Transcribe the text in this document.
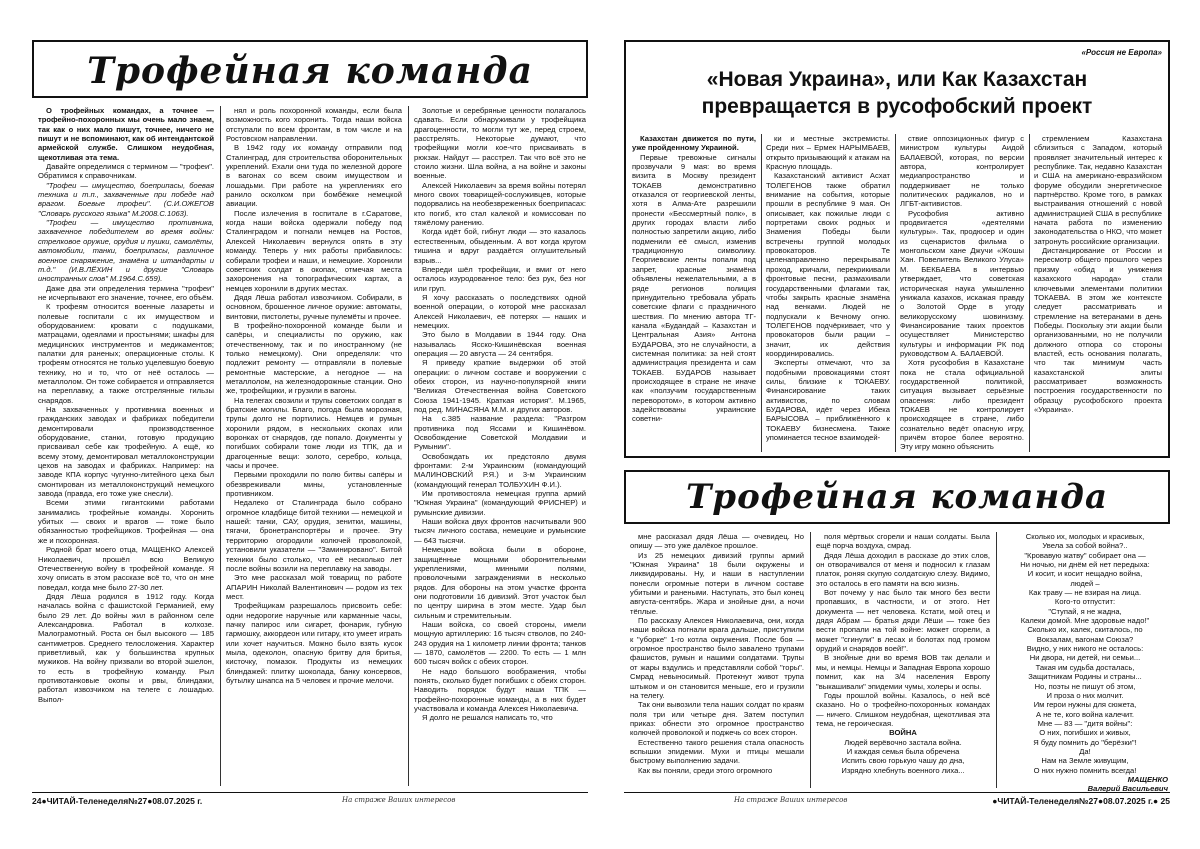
Трофейная команда

О трофейных командах, а точнее — трофейно-похоронных мы очень мало знаем, так как о них мало пишут, точнее, ничего не пишут и не вспоминают, как об интендантской армейской службе. Слишком неудобная, щекотливая эта тема.

Давайте определимся с термином — "трофеи". Обратимся к справочникам.

"Трофеи — имущество, боеприпасы, боевая техника и т.п., захваченные при победе над врагом. Боевые трофеи". (С.И.ОЖЕГОВ "Словарь русского языка" М.2008.С.1063).

"Трофеи — имущество противника, захваченное победителем во время войны: стрелковое оружие, орудия и пушки, самолёты, автомобили, танки, боеприпасы, различное военное снаряжение, знамёна и штандарты и т.д." (И.В.ЛЁХИН и другие "Словарь иностранных слов" М.1964.С.659).

Даже два эти определения термина "трофеи" не исчерпывают его значение, точнее, его объём.

К трофеям относится военные лазареты и полевые госпитали с их имуществом и оборудованием: кровати с подушками, матрацами, одеялами и простынями; шкафы для медицинских инструментов и медикаментов; палатки для раненых; операционные столы. К трофеям относятся не только уцелевшую боевую технику, но и то, что от неё осталось — металлолом. Он тоже собирается и отправляется на переплавку, а также отстрелянные гильзы снарядов.

На захваченных у противника военных и гражданских заводах и фабриках победители демонтировали производственное оборудование, станки, готовую продукцию присваивал себе как трофейную. А ещё, ко всему этому, демонтировал металлоконструкции цехов на заводах и фабриках. Например: на заводе КПА корпус чугунно-литейного цеха был смонтирован из металлоконструкций немецкого завода (правда, его тоже уже снесли).

Всеми этими гигантскими работами занимались трофейные команды. Хоронить убитых — своих и врагов — тоже было обязанностью трофейщиков. Трофейная — она же и похоронная.

Родной брат моего отца, МАЩЕНКО Алексей Николаевич, прошёл всю Великую Отечественную войну в трофейной команде. Я хочу описать в этом рассказе всё то, что он мне поведал, когда мне было 27-30 лет.

Дядя Лёша родился в 1912 году. Когда началась война с фашистской Германией, ему было 29 лет. До войны жил в районном селе Александровка. Работал в колхозе. Малограмотный. Роста он был высокого — 185 сантиметров. Среднего телосложения. Характер приветливый, как у большинства крупных мужиков. На войну призвали во второй эшелон, то есть в трофейную команду. Рыл противотанковые окопы и рвы, блиндажи, работал извозчиком на телеге с лошадью. Выпол-

нял и роль похоронной команды, если была возможность кого хоронить. Тогда наши войска отступали по всем фронтам, в том числе и на Ростовском направлении.

В 1942 году их команду отправили под Сталинград, для строительства оборонительных укреплений. Ехали они туда по железной дороге в вагонах со всем своим имуществом и лошадьми. При работе на укреплениях его ранило осколком при бомбёжке немецкой авиации.

После излечения в госпитале в г.Саратове, когда наши войска одержали победу под Сталинградом и погнали немцев на Ростов, Алексей Николаевич вернулся опять в эту команду. Теперь у них работы прибавилось: собирали трофеи и наши, и немецкие. Хоронили советских солдат в окопах, отмечая места захоронения на топографических картах, а немцев хоронили в других местах.

Дядя Лёша работал извозчиком. Собирали, в основном, брошенное личное оружие: автоматы, винтовки, пистолеты, ручные пулемёты и прочее.

В трофейно-похоронной команде были и сапёры, и специалисты по оружию, как отечественному, так и по иностранному (не только немецкому). Они определяли: что подлежит ремонту — отправляли в полевые ремонтные мастерские, а негодное — на металлолом, на железнодорожные станции. Оно же, трофейщики, и грузили в вагоны.

На телегах свозили и трупы советских солдат в братские могилы. Благо, погода была морозная, трупы долго не портились. Немцев и румын хоронили рядом, в нескольких скопах или воронках от снарядов, где попало. Документы у погибших собирали тоже люди из ТПК, да и драгоценные вещи: золото, серебро, кольца, часы и прочее.

Первыми проходили по полю битвы сапёры и обезвреживали мины, установленные противником.

Недалеко от Сталинграда было собрано огромное кладбище битой техники — немецкой и нашей: танки, САУ, орудия, зенитки, машины, тягачи, бронетранспортёры и прочее. Эту территорию огородили колючей проволокой, установили указатели — "Заминировано". Битой техники было столько, что её несколько лет после войны возили на переплавку на заводы.

Это мне рассказал мой товарищ по работе АПАРИН Николай Валентинович — родом из тех мест.

Трофейщикам разрешалось присвоить себе: одни недорогие наручные или карманные часы, пачку папирос или сигарет, фонарик, губную гармошку, аккордеон или гитару, кто умеет играть или хочет научиться. Можно было взять кусок мыла, одеколон, опасную бритву для бритья, кисточку, помазок. Продукты из немецких блиндажей: плитку шоколада, банку консервов, бутылку шнапса на 5 человек и прочие мелочи.

Золотые и серебряные ценности полагалось сдавать. Если обнаруживали у трофейщика драгоценности, то могли тут же, перед строем, расстрелять. Некоторые думают, что трофейщики могли кое-что присваивать в рюкзак. Найдут — расстрел. Так что всё это не стоило жизни. Шла война, а на войне и законы военные.

Алексей Николаевич за время войны потерял много своих товарищей-сослуживцев, которые подорвались на необезвреженных боеприпасах: кто погиб, кто стал калекой и комиссован по тяжёлому ранению.

Когда идёт бой, гибнут люди — это казалось естественным, обыденным. А вот когда кругом тишина и вдруг раздаётся оглушительный взрыв...

Впереди шёл трофейщик, и вмиг от него осталось изуродованное тело: без рук, без ног или груп.

Я хочу рассказать о последствиях одной военной операции, о которой мне рассказал Алексей Николаевич, её потерях — наших и немецких.

Это было в Молдавии в 1944 году. Она называлась Ясско-Кишинёвская военная операция — 20 августа — 24 сентября.

Я приведу краткие выдержки об этой операции: о личном составе и вооружении с обеих сторон, из научно-популярной книги "Великая Отечественная война Советского Союза 1941-1945. Краткая история". М.1965, под ред. МИНАСЯНА М.М. и других авторов.

На с.385 название раздела: "Разгром противника под Яссами и Кишинёвом. Освобождение Советской Молдавии и Румынии".

Освобождать их предстояло двумя фронтами: 2-м Украинским (командующий МАЛИНОВСКИЙ Р.Я.) и 3-м Украинским (командующий генерал ТОЛБУХИН Ф.И.).

Им противостояла немецкая группа армий "Южная Украина" (командующий ФРИСНЕР) и румынские дивизии.

Наши войска двух фронтов насчитывали 900 тысяч личного состава, немецкие и румынские — 643 тысячи.

Немецкие войска были в обороне, защищённые мощными оборонительными укреплениями, минными полями, проволочными заграждениями в несколько рядов. Для обороны на этом участке фронта они подготовили 16 дивизий. Этот участок был по центру ширина в этом месте. Удар был сильным и стремительным.

Наши войска, со своей стороны, имели мощную артиллерию: 16 тысяч стволов, по 240-243 орудия на 1 километр линии фронта; танков — 1870, самолётов — 2200. То есть — 1 млн 600 тысяч войск с обеих сторон.

Не надо большого воображения, чтобы понять, сколько будет погибших с обеих сторон. Наводить порядок будут наши ТПК — трофейно-похоронные команды, а в них будет участвовала и команда Алексея Николаевича.

Я долго не решался написать то, что

24●ЧИТАЙ-Теленеделя№27●08.07.2025 г.	На страже Ваших интересов
«Россия не Европа»
«Новая Украина», или Как Казахстан
превращается в русофобский проект

Казахстан движется по пути, уже пройденному Украиной.

Первые тревожные сигналы прозвучали 9 мая: во время визита в Москву президент ТОКАЕВ демонстративно отказался от георгиевской ленты, хотя в Алма-Ате разрешили пронести «Бессмертный полк», в других городах власти либо полностью запретили акцию, либо подменили её смысл, изменив традиционную символику. Георгиевские ленты попали под запрет, красные знамёна объявлены нежелательными, а в ряде регионов полиция принудительно требовала убрать советские флаги с праздничного шествия. По мнению автора ТГ-канала «Будандай – Казахстан и Центральная Азия» Антона БУДАРОВА, это не случайности, а системная политика: за ней стоят администрация президента и сам ТОКАЕВ. БУДАРОВ называет происходящее в стране не иначе как «ползучим государственным переворотом», в котором активно задействованы украинские советни-

ки и местные экстремисты. Среди них – Ермек НАРЫМБАЕВ, открыто призывающий к атакам на Красную площадь.

Казахстанский активист Асхат ТОЛЕГЕНОВ также обратил внимание на события, которые прошли в республике 9 мая. Он описывает, как пожилые люди с портретами своих родных и Знамения Победы были встречены группой молодых провокаторов. Те целенаправленно перекрывали проход, кричали, перекрикивали фронтовые песни, размахивали государственными флагами так, чтобы закрыть красные знамёна над венками. Людей не подпускали к Вечному огню. ТОЛЕГЕНОВ подчёркивает, что у провокаторов были рации – значит, их действия координировались.

Эксперты отмечают, что за подобными провокациями стоят силы, близкие к ТОКАЕВУ. Финансирование таких активистов, по словам БУДАРОВА, идёт через Ибека БАРЫСОВА – приближённого к ТОКАЕВУ бизнесмена. Также упоминается тесное взаимодей-

ствие оппозиционных фигур с министром культуры Аидой БАЛАЕВОЙ, которая, по версии автора, контролирует медиапространство и поддерживает не только политических радикалов, но и ЛГБТ-активистов.

Русофобия активно продвигается «деятелями культуры». Так, продюсер и один из сценаристов фильма о монгольском хане Джучи «Жошы Хан. Повелитель Великого Улуса» М. БЕКБАЕВА в интервью утверждает, что советская историческая наука умышленно унижала казахов, искажая правду о Золотой Орде в угоду великорусскому шовинизму. Финансирование таких проектов осуществляет Министерство культуры и информации РК под руководством А. БАЛАЕВОЙ.

Хотя русофобия в Казахстане пока не стала официальной государственной политикой, ситуация вызывает серьёзные опасения: либо президент ТОКАЕВ не контролирует происходящее в стране, либо сознательно ведёт опасную игру, причём второе более вероятно. Эту игру можно объяснить

стремлением Казахстана сблизиться с Западом, который проявляет значительный интерес к республике. Так, недавно Казахстан и США на американо-евразийском форуме обсудили энергетическое партнёрство. Кроме того, в рамках выстраивания отношений с новой администрацией США в республике начата работа по изменению законодательства о НКО, что может затронуть российские организации.

Дистанцирование от России и пересмотр общего прошлого через призму «обид и унижения казахского народа» стали ключевыми элементами политики ТОКАЕВА. В этом же контексте следует рассматривать и стремление на ветеранами в день Победы. Поскольку эти акции были организованными, но не получили должного отпора со стороны властей, есть основания полагать, что так минимум часть казахстанской элиты рассматривает возможность построения государственности по образцу русофобского проекта «Украина».

Трофейная команда

мне рассказал дядя Лёша — очевидец. Но опишу — это уже далёкое прошлое.

Из 25 немецких дивизий группы армий "Южная Украина" 18 были окружены и ликвидированы. Ну, и наши в наступлении понесли огромные потери в личном составе убитыми и ранеными. Наступать, это был конец августа-сентябрь. Жара и знойные дни, а ночи тёплые.

По рассказу Алексея Николаевича, они, когда наши войска погнали врага дальше, приступили к "уборке" 1-го котла окружения. После боя — огромное пространство было завалено трупами фашистов, румын и нашими солдатами. Трупы от жары вздулись и представляли собой "горы". Смрад невыносимый. Протекнут живот трупа штыком и он становится меньше, его и грузили на телегу.

Так они вывозили тела наших солдат по краям поля три или четыре дня. Затем поступил приказ: обнести это огромное пространство колючей проволокой и поджечь со всех сторон.

Естественно такого решения стала опасность вспышки эпидемии. Мухи и птицы мешали быстрому выполнению задачи.

Как вы поняли, среди этого огромного

поля мёртвых сгорели и наши солдаты. Была ещё порча воздуха, смрад.

Дядя Лёша доходил в рассказе до этих слов, он отворачивался от меня и подносил к глазам платок, роняя скупую солдатскую слезу. Видимо, это осталось в его памяти на всю жизнь.

Вот почему у нас было так много без вести пропавших, в частности, и от этого. Нет документа — нет человека. Кстати, мой отец и дядя Абрам — братья дяди Лёши — тоже без вести пропали на той войне: может сгорели, а может "сгинули" в лесах и болотах под громом орудий и снарядов воей!".

В знойные дни во время ВОВ так делали и мы, и немцы. Немцы и Западная Европа хорошо помнит, как на 3/4 населения Европу "выкашивали" эпидемии чумы, холеры и оспы.

Годы прошлой войны. Казалось, о ней всё сказано. Но о трофейно-похоронных командах — ничего. Слишком неудобная, щекотливая эта тема, не героическая.

ВОЙНА

Людей верёвочно застала война.

И каждая семья была обречена

Испить свою горькую чашу до дна,

Изрядно хлебнуть военного лиха...

Сколько их, молодых и красивых,

Увела за собой война?..

"Кровавую жатву" собирает она —

Ни ночью, ни днём ей нет передыха:

И косит, и косит нещадно война,

людей –

Как траву — не взирая на лица.

Кого-то отпустит:

"Ступай, я не жадна,

Калеки домой. Мне здоровые надо!"

Сколько их, калек, скиталось, по

Вокзалам, вагонам Союза?

Видно, у них никого не осталось:

Ни двора, ни детей, ни семьи...

Такая им судьба досталась,

Защитникам Родины и страны...

Но, поэты не пишут об этом,

И проза о них молчит.

Им герои нужны для сюжета,

А не те, кого война калечит.

Мне — 83 — "дитя войны":

О них, погибших и живых,

Я буду помнить до "берёзки"!

Да!

Нам на Земле живущим,

О них нужно помнить всегда!

МАЩЕНКО

Валерий Васильевич

На страже Ваших интересов	●ЧИТАЙ-Теленеделя№27●08.07.2025 г.● 25
